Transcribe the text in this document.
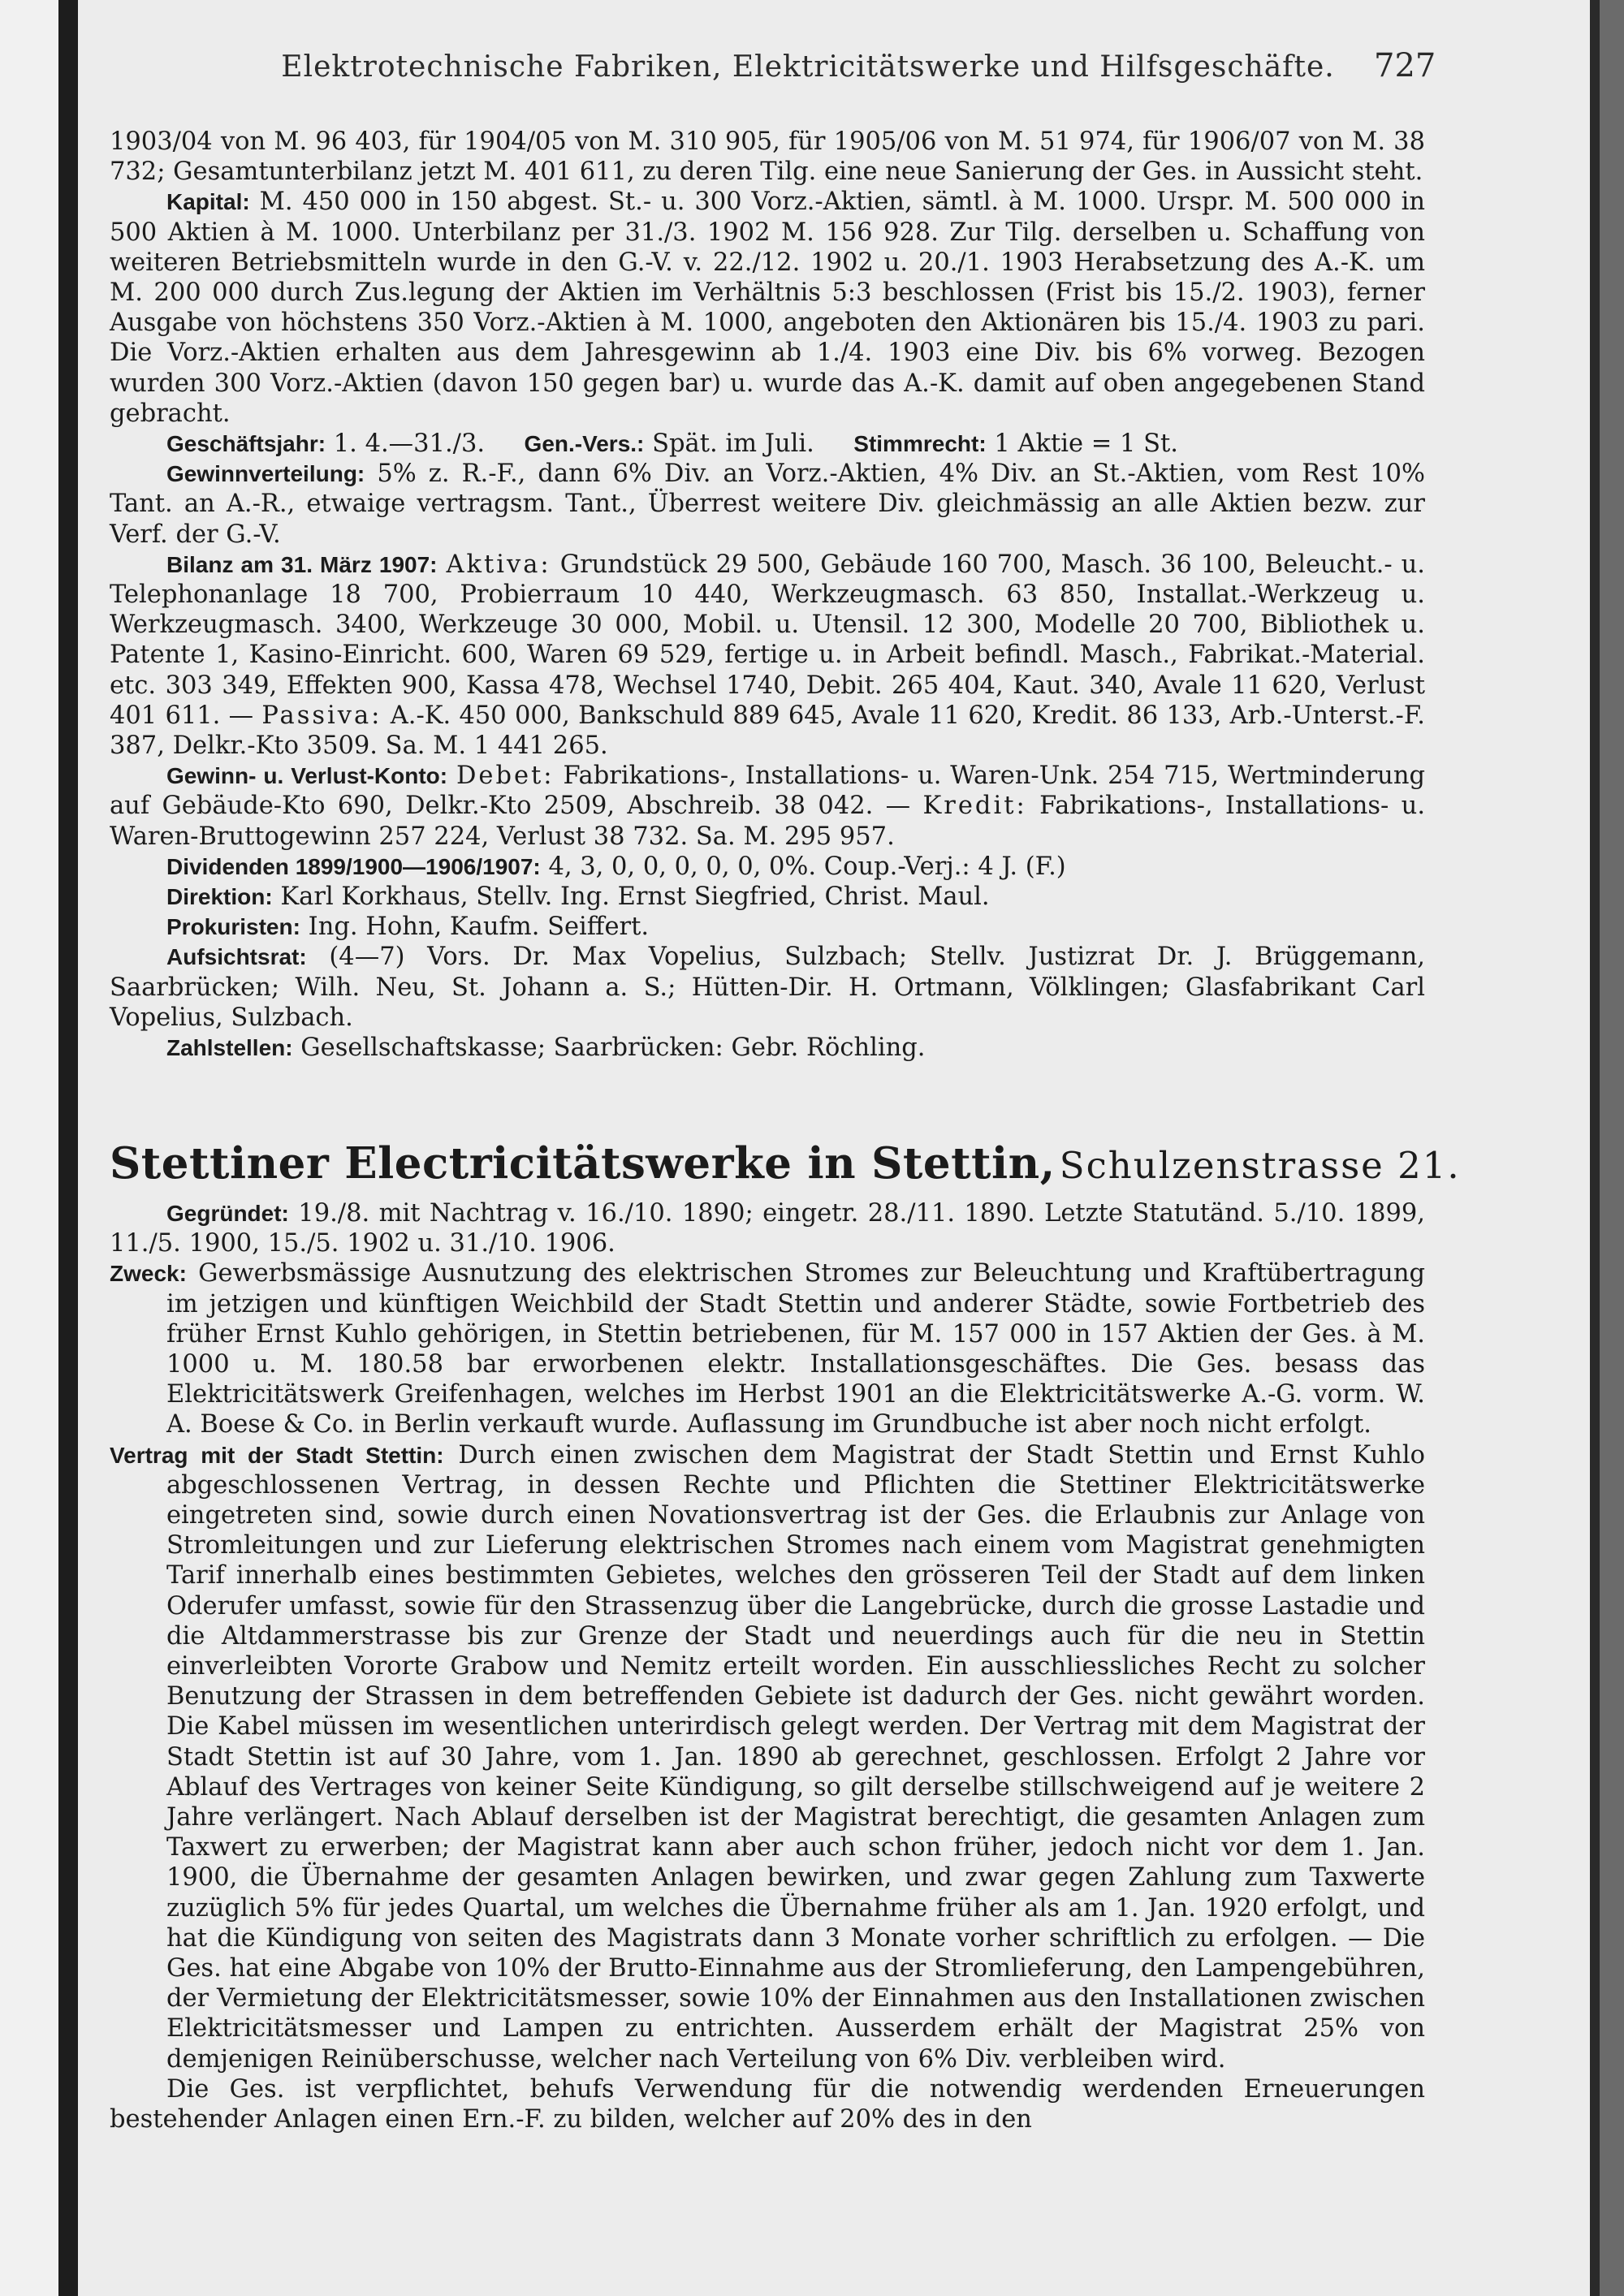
Elektrotechnische Fabriken, Elektricitätswerke und Hilfsgeschäfte.	727

1903/04 von M. 96 403, für 1904/05 von M. 310 905, für 1905/06 von M. 51 974, für 1906/07 von M. 38 732; Gesamtunterbilanz jetzt M. 401 611, zu deren Tilg. eine neue Sanierung der Ges. in Aussicht steht.

Kapital: M. 450 000 in 150 abgest. St.- u. 300 Vorz.-Aktien, sämtl. à M. 1000. Urspr. M. 500 000 in 500 Aktien à M. 1000. Unterbilanz per 31./3. 1902 M. 156 928. Zur Tilg. derselben u. Schaffung von weiteren Betriebsmitteln wurde in den G.-V. v. 22./12. 1902 u. 20./1. 1903 Herabsetzung des A.-K. um M. 200 000 durch Zus.legung der Aktien im Verhältnis 5:3 beschlossen (Frist bis 15./2. 1903), ferner Ausgabe von höchstens 350 Vorz.-Aktien à M. 1000, angeboten den Aktionären bis 15./4. 1903 zu pari. Die Vorz.-Aktien erhalten aus dem Jahresgewinn ab 1./4. 1903 eine Div. bis 6% vorweg. Bezogen wurden 300 Vorz.-Aktien (davon 150 gegen bar) u. wurde das A.-K. damit auf oben angegebenen Stand gebracht.

Geschäftsjahr: 1. 4.—31./3. Gen.-Vers.: Spät. im Juli. Stimmrecht: 1 Aktie = 1 St.

Gewinnverteilung: 5% z. R.-F., dann 6% Div. an Vorz.-Aktien, 4% Div. an St.-Aktien, vom Rest 10% Tant. an A.-R., etwaige vertragsm. Tant., Überrest weitere Div. gleichmässig an alle Aktien bezw. zur Verf. der G.-V.

Bilanz am 31. März 1907: Aktiva: Grundstück 29 500, Gebäude 160 700, Masch. 36 100, Beleucht.- u. Telephonanlage 18 700, Probierraum 10 440, Werkzeugmasch. 63 850, Installat.-Werkzeug u. Werkzeugmasch. 3400, Werkzeuge 30 000, Mobil. u. Utensil. 12 300, Modelle 20 700, Bibliothek u. Patente 1, Kasino-Einricht. 600, Waren 69 529, fertige u. in Arbeit befindl. Masch., Fabrikat.-Material. etc. 303 349, Effekten 900, Kassa 478, Wechsel 1740, Debit. 265 404, Kaut. 340, Avale 11 620, Verlust 401 611. — Passiva: A.-K. 450 000, Bankschuld 889 645, Avale 11 620, Kredit. 86 133, Arb.-Unterst.-F. 387, Delkr.-Kto 3509. Sa. M. 1 441 265.

Gewinn- u. Verlust-Konto: Debet: Fabrikations-, Installations- u. Waren-Unk. 254 715, Wertminderung auf Gebäude-Kto 690, Delkr.-Kto 2509, Abschreib. 38 042. — Kredit: Fabrikations-, Installations- u. Waren-Bruttogewinn 257 224, Verlust 38 732. Sa. M. 295 957.

Dividenden 1899/1900—1906/1907: 4, 3, 0, 0, 0, 0, 0, 0%. Coup.-Verj.: 4 J. (F.)

Direktion: Karl Korkhaus, Stellv. Ing. Ernst Siegfried, Christ. Maul.

Prokuristen: Ing. Hohn, Kaufm. Seiffert.

Aufsichtsrat: (4—7) Vors. Dr. Max Vopelius, Sulzbach; Stellv. Justizrat Dr. J. Brüggemann, Saarbrücken; Wilh. Neu, St. Johann a. S.; Hütten-Dir. H. Ortmann, Völklingen; Glasfabrikant Carl Vopelius, Sulzbach.

Zahlstellen: Gesellschaftskasse; Saarbrücken: Gebr. Röchling.

Stettiner Electricitätswerke in Stettin, Schulzenstrasse 21.

Gegründet: 19./8. mit Nachtrag v. 16./10. 1890; eingetr. 28./11. 1890. Letzte Statutänd. 5./10. 1899, 11./5. 1900, 15./5. 1902 u. 31./10. 1906.

Zweck: Gewerbsmässige Ausnutzung des elektrischen Stromes zur Beleuchtung und Kraftübertragung im jetzigen und künftigen Weichbild der Stadt Stettin und anderer Städte, sowie Fortbetrieb des früher Ernst Kuhlo gehörigen, in Stettin betriebenen, für M. 157 000 in 157 Aktien der Ges. à M. 1000 u. M. 180.58 bar erworbenen elektr. Installationsgeschäftes. Die Ges. besass das Elektricitätswerk Greifenhagen, welches im Herbst 1901 an die Elektricitätswerke A.-G. vorm. W. A. Boese & Co. in Berlin verkauft wurde. Auflassung im Grundbuche ist aber noch nicht erfolgt.

Vertrag mit der Stadt Stettin: Durch einen zwischen dem Magistrat der Stadt Stettin und Ernst Kuhlo abgeschlossenen Vertrag, in dessen Rechte und Pflichten die Stettiner Elektricitätswerke eingetreten sind, sowie durch einen Novationsvertrag ist der Ges. die Erlaubnis zur Anlage von Stromleitungen und zur Lieferung elektrischen Stromes nach einem vom Magistrat genehmigten Tarif innerhalb eines bestimmten Gebietes, welches den grösseren Teil der Stadt auf dem linken Oderufer umfasst, sowie für den Strassenzug über die Langebrücke, durch die grosse Lastadie und die Altdammerstrasse bis zur Grenze der Stadt und neuerdings auch für die neu in Stettin einverleibten Vororte Grabow und Nemitz erteilt worden. Ein ausschliessliches Recht zu solcher Benutzung der Strassen in dem betreffenden Gebiete ist dadurch der Ges. nicht gewährt worden. Die Kabel müssen im wesentlichen unterirdisch gelegt werden. Der Vertrag mit dem Magistrat der Stadt Stettin ist auf 30 Jahre, vom 1. Jan. 1890 ab gerechnet, geschlossen. Erfolgt 2 Jahre vor Ablauf des Vertrages von keiner Seite Kündigung, so gilt derselbe stillschweigend auf je weitere 2 Jahre verlängert. Nach Ablauf derselben ist der Magistrat berechtigt, die gesamten Anlagen zum Taxwert zu erwerben; der Magistrat kann aber auch schon früher, jedoch nicht vor dem 1. Jan. 1900, die Übernahme der gesamten Anlagen bewirken, und zwar gegen Zahlung zum Taxwerte zuzüglich 5% für jedes Quartal, um welches die Übernahme früher als am 1. Jan. 1920 erfolgt, und hat die Kündigung von seiten des Magistrats dann 3 Monate vorher schriftlich zu erfolgen. — Die Ges. hat eine Abgabe von 10% der Brutto-Einnahme aus der Stromlieferung, den Lampengebühren, der Vermietung der Elektricitätsmesser, sowie 10% der Einnahmen aus den Installationen zwischen Elektricitätsmesser und Lampen zu entrichten. Ausserdem erhält der Magistrat 25% von demjenigen Reinüberschusse, welcher nach Verteilung von 6% Div. verbleiben wird.

Die Ges. ist verpflichtet, behufs Verwendung für die notwendig werdenden Erneuerungen bestehender Anlagen einen Ern.-F. zu bilden, welcher auf 20% des in den
